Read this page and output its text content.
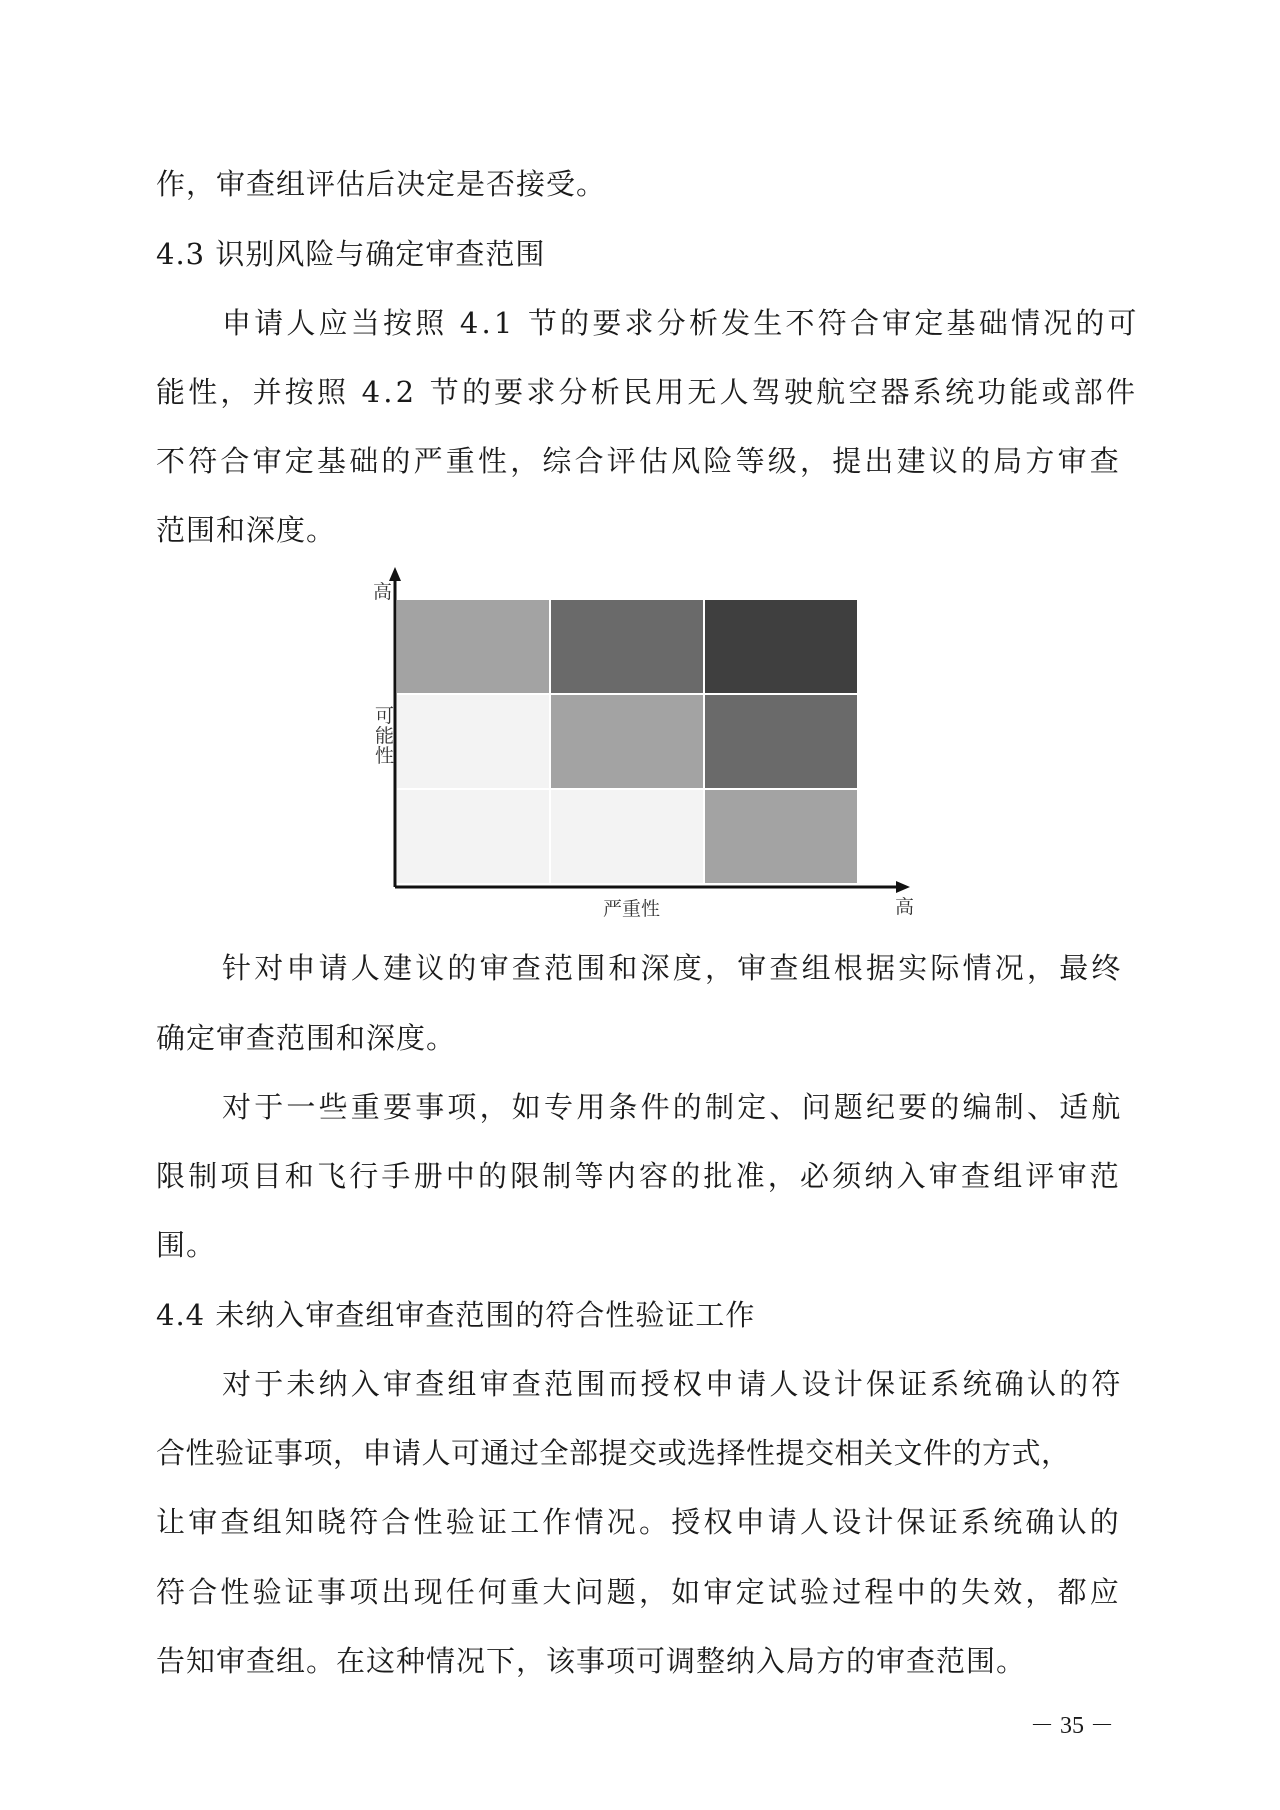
作，审查组评估后决定是否接受。
4.3 识别风险与确定审查范围
申请人应当按照 4.1 节的要求分析发生不符合审定基础情况的可
能性，并按照 4.2 节的要求分析民用无人驾驶航空器系统功能或部件
不符合审定基础的严重性，综合评估风险等级，提出建议的局方审查
范围和深度。
高
可
能
性
严重性	高
针对申请人建议的审查范围和深度，审查组根据实际情况，最终
确定审查范围和深度。
对于一些重要事项，如专用条件的制定、问题纪要的编制、适航
限制项目和飞行手册中的限制等内容的批准，必须纳入审查组评审范
围。
4.4 未纳入审查组审查范围的符合性验证工作
对于未纳入审查组审查范围而授权申请人设计保证系统确认的符
合性验证事项，申请人可通过全部提交或选择性提交相关文件的方式，
让审查组知晓符合性验证工作情况。授权申请人设计保证系统确认的
符合性验证事项出现任何重大问题，如审定试验过程中的失效，都应
告知审查组。在这种情况下，该事项可调整纳入局方的审查范围。
－ 35 －
